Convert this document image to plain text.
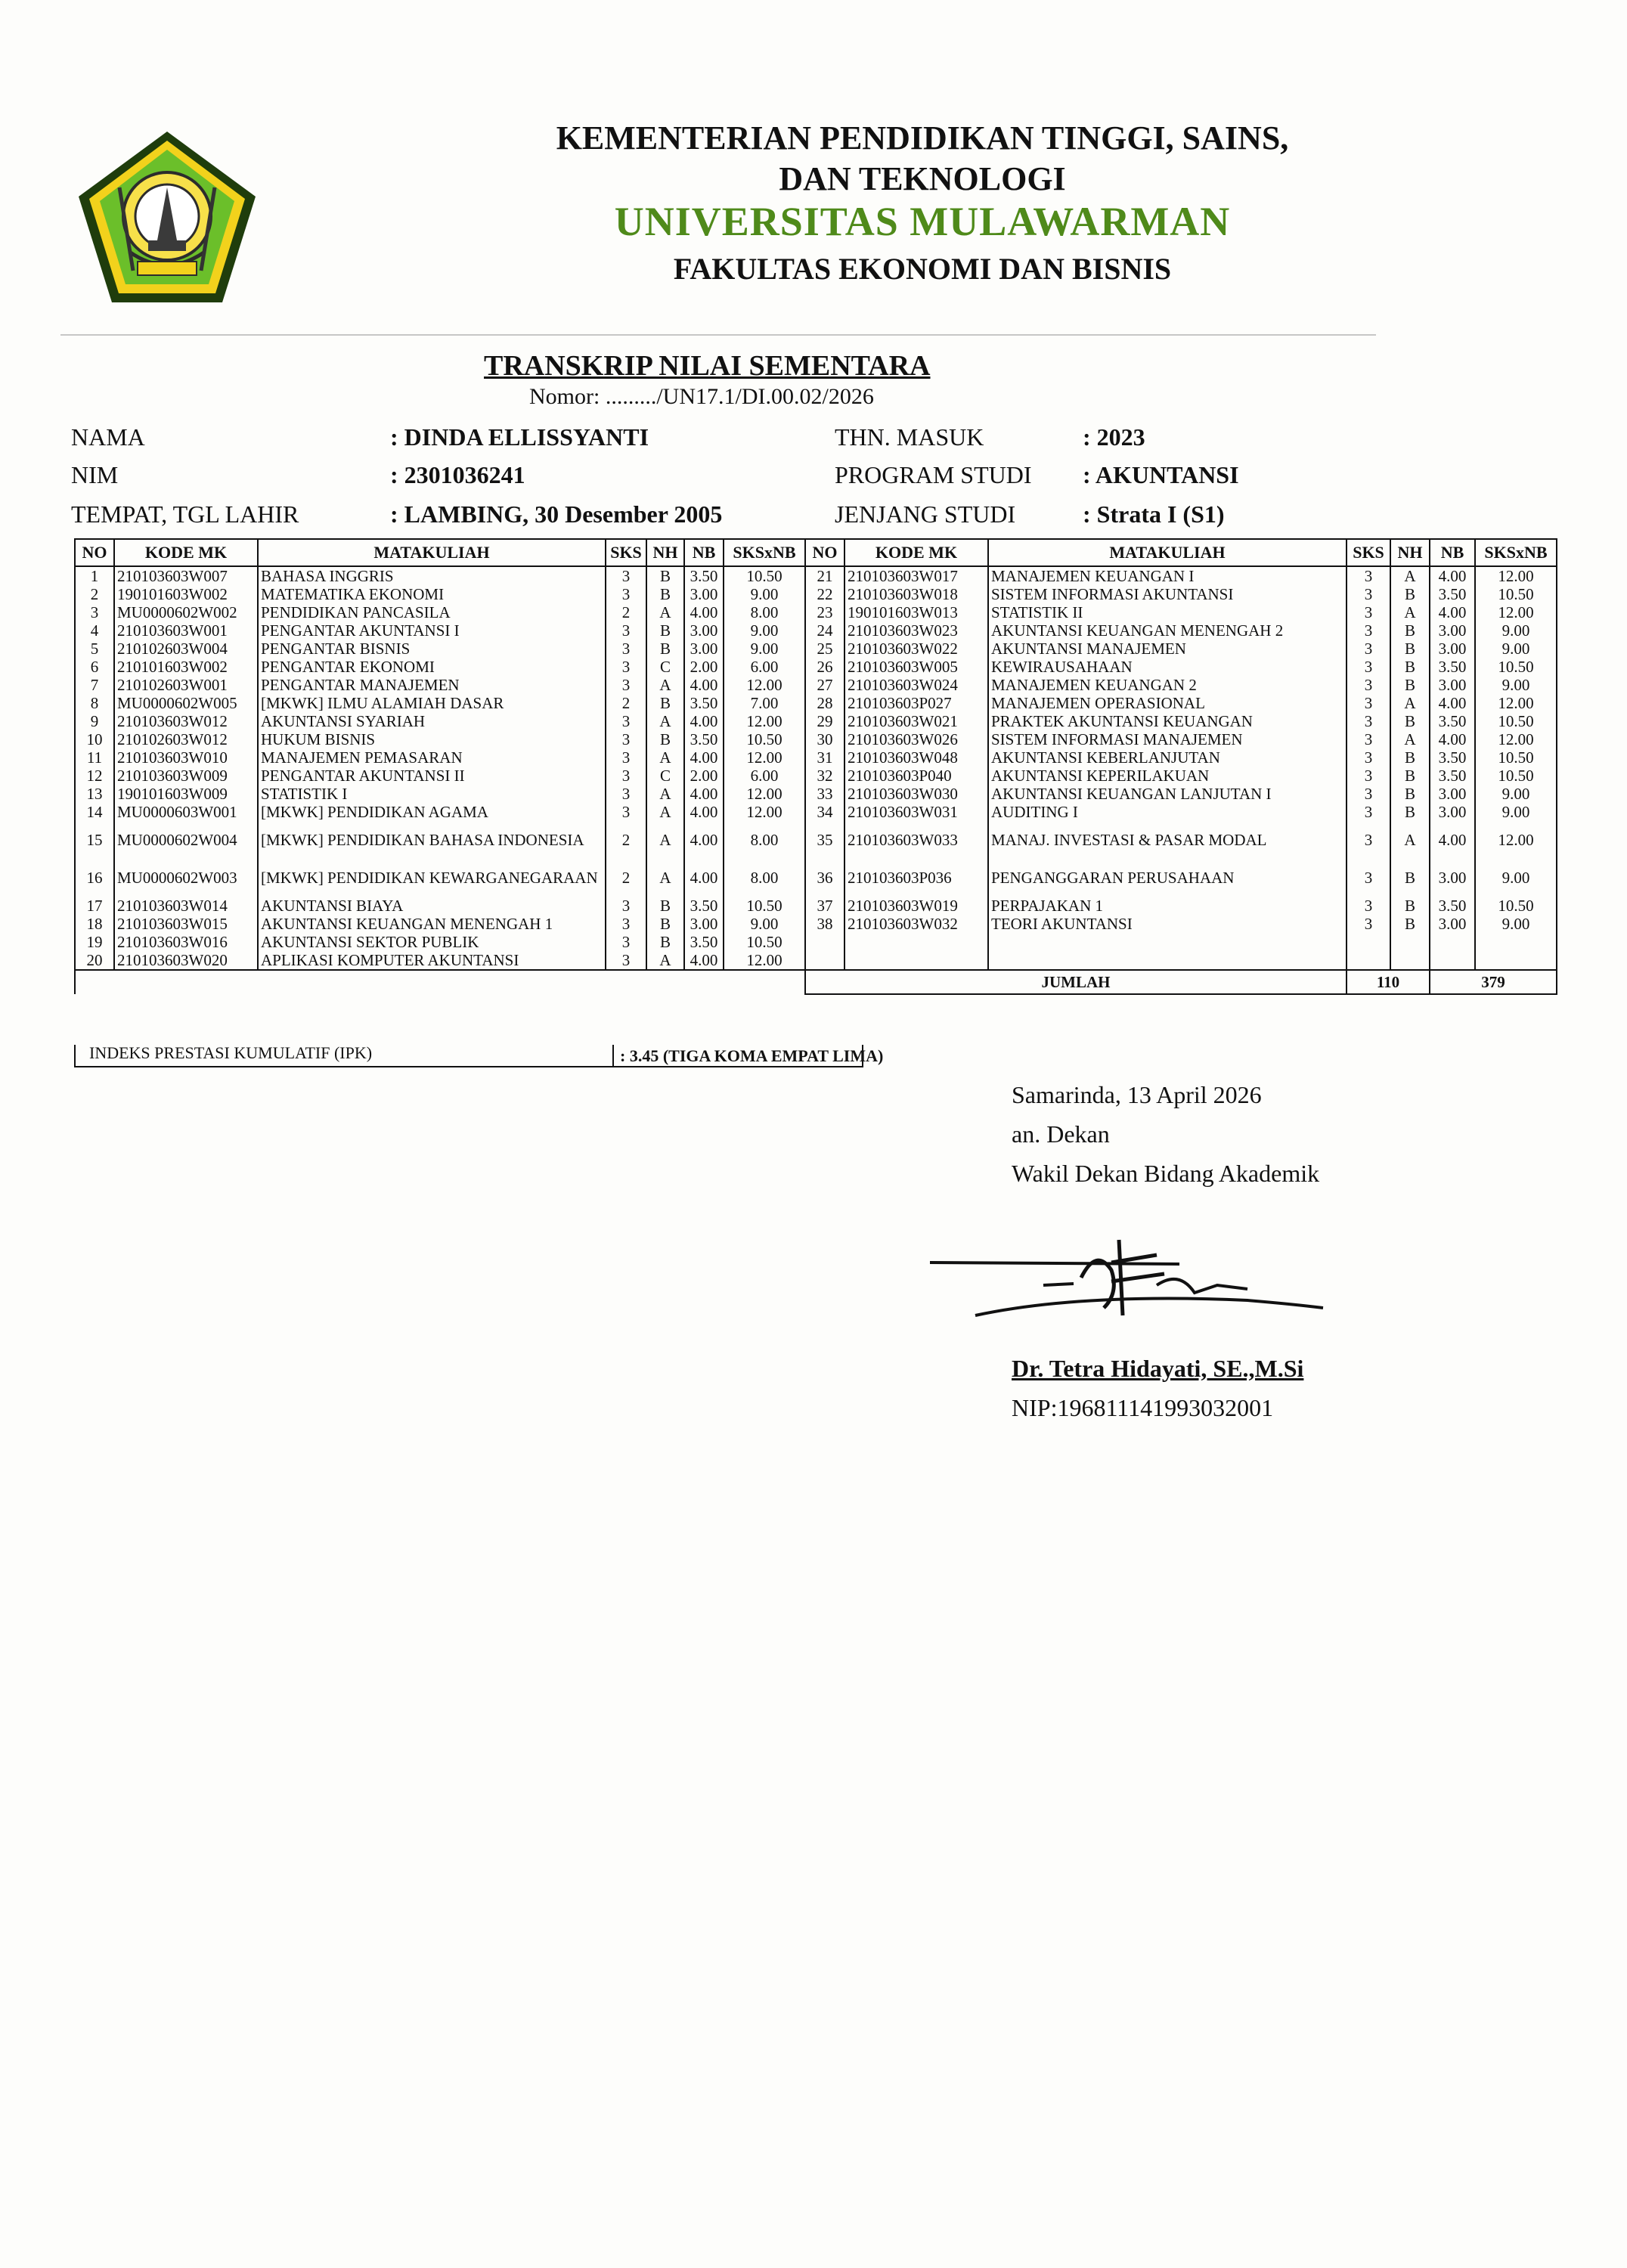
KEMENTERIAN PENDIDIKAN TINGGI, SAINS,
DAN TEKNOLOGI
UNIVERSITAS MULAWARMAN
FAKULTAS EKONOMI DAN BISNIS
TRANSKRIP NILAI SEMENTARA
Nomor: ........./UN17.1/DI.00.02/2026
NAMA	: DINDA ELLISSYANTI
NIM	: 2301036241
TEMPAT, TGL LAHIR	: LAMBING, 30 Desember 2005
THN. MASUK	: 2023
PROGRAM STUDI : AKUNTANSI
JENJANG STUDI	: Strata I (S1)
NO	KODE MK	MATAKULIAH	SKS	NH	NB	SKSxNB	NO	KODE MK	MATAKULIAH	SKS	NH	NB	SKSxNB
1	210103603W007	BAHASA INGGRIS	3	B	3.50	10.50	21	210103603W017	MANAJEMEN KEUANGAN I	3	A	4.00	12.00
2	190101603W002	MATEMATIKA EKONOMI	3	B	3.00	9.00	22	210103603W018	SISTEM INFORMASI AKUNTANSI	3	B	3.50	10.50
3	MU0000602W002	PENDIDIKAN PANCASILA	2	A	4.00	8.00	23	190101603W013	STATISTIK II	3	A	4.00	12.00
4	210103603W001	PENGANTAR AKUNTANSI I	3	B	3.00	9.00	24	210103603W023	AKUNTANSI KEUANGAN MENENGAH 2	3	B	3.00	9.00
5	210102603W004	PENGANTAR BISNIS	3	B	3.00	9.00	25	210103603W022	AKUNTANSI MANAJEMEN	3	B	3.00	9.00
6	210101603W002	PENGANTAR EKONOMI	3	C	2.00	6.00	26	210103603W005	KEWIRAUSAHAAN	3	B	3.50	10.50
7	210102603W001	PENGANTAR MANAJEMEN	3	A	4.00	12.00	27	210103603W024	MANAJEMEN KEUANGAN 2	3	B	3.00	9.00
8	MU0000602W005	[MKWK] ILMU ALAMIAH DASAR	2	B	3.50	7.00	28	210103603P027	MANAJEMEN OPERASIONAL	3	A	4.00	12.00
9	210103603W012	AKUNTANSI SYARIAH	3	A	4.00	12.00	29	210103603W021	PRAKTEK AKUNTANSI KEUANGAN	3	B	3.50	10.50
10	210102603W012	HUKUM BISNIS	3	B	3.50	10.50	30	210103603W026	SISTEM INFORMASI MANAJEMEN	3	A	4.00	12.00
11	210103603W010	MANAJEMEN PEMASARAN	3	A	4.00	12.00	31	210103603W048	AKUNTANSI KEBERLANJUTAN	3	B	3.50	10.50
12	210103603W009	PENGANTAR AKUNTANSI II	3	C	2.00	6.00	32	210103603P040	AKUNTANSI KEPERILAKUAN	3	B	3.50	10.50
13	190101603W009	STATISTIK I	3	A	4.00	12.00	33	210103603W030	AKUNTANSI KEUANGAN LANJUTAN I	3	B	3.00	9.00
14	MU0000603W001	[MKWK] PENDIDIKAN AGAMA	3	A	4.00	12.00	34	210103603W031	AUDITING I	3	B	3.00	9.00
15	MU0000602W004	[MKWK] PENDIDIKAN BAHASA INDONESIA	2	A	4.00	8.00	35	210103603W033	MANAJ. INVESTASI & PASAR MODAL	3	A	4.00	12.00
16	MU0000602W003	[MKWK] PENDIDIKAN KEWARGANEGARAAN	2	A	4.00	8.00	36	210103603P036	PENGANGGARAN PERUSAHAAN	3	B	3.00	9.00
17	210103603W014	AKUNTANSI BIAYA	3	B	3.50	10.50	37	210103603W019	PERPAJAKAN 1	3	B	3.50	10.50
18	210103603W015	AKUNTANSI KEUANGAN MENENGAH 1	3	B	3.00	9.00	38	210103603W032	TEORI AKUNTANSI	3	B	3.00	9.00
19	210103603W016	AKUNTANSI SEKTOR PUBLIK	3	B	3.50	10.50							
20	210103603W020	APLIKASI KOMPUTER AKUNTANSI	3	A	4.00	12.00							
							JUMLAH			110		379	
INDEKS PRESTASI KUMULATIF (IPK)	: 3.45 (TIGA KOMA EMPAT LIMA)
Samarinda, 13 April 2026
an. Dekan
Wakil Dekan Bidang Akademik
Dr. Tetra Hidayati, SE.,M.Si
NIP:196811141993032001
